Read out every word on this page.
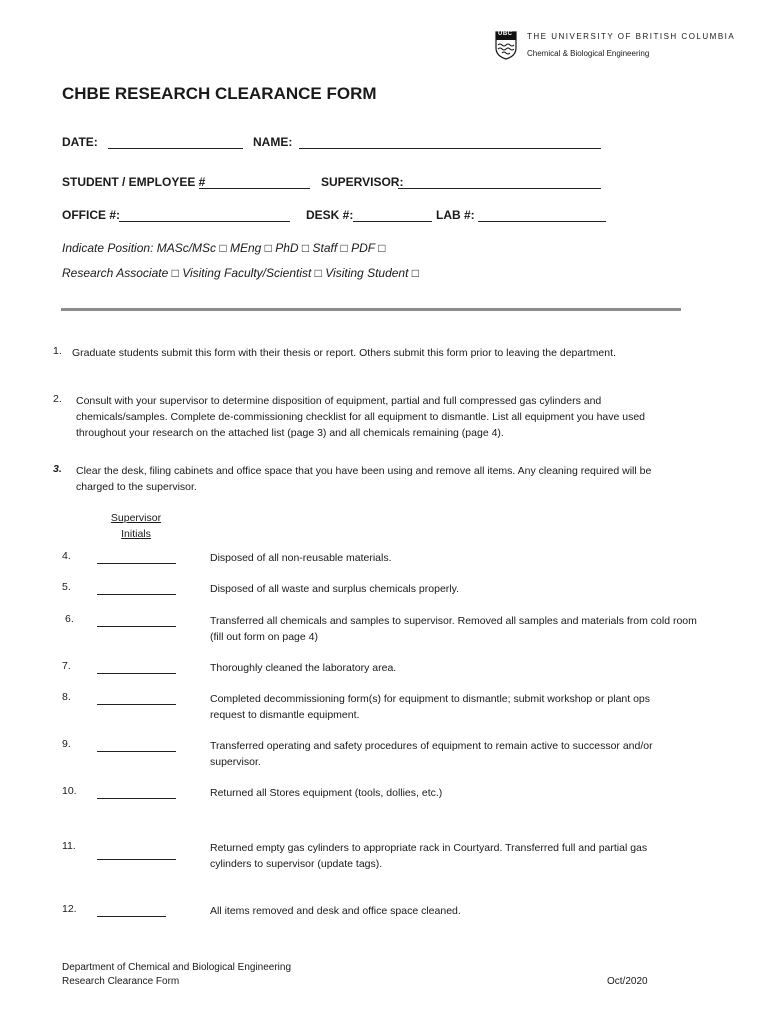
UBC THE UNIVERSITY OF BRITISH COLUMBIA
Chemical & Biological Engineering
CHBE RESEARCH CLEARANCE FORM
DATE:	NAME:
STUDENT / EMPLOYEE #	SUPERVISOR:
OFFICE #:	DESK #:	LAB #:
Indicate Position: MASc/MSc □ MEng □ PhD □ Staff □ PDF □
Research Associate □ Visiting Faculty/Scientist □ Visiting Student □
1. Graduate students submit this form with their thesis or report. Others submit this form prior to leaving the department.
2. Consult with your supervisor to determine disposition of equipment, partial and full compressed gas cylinders and chemicals/samples. Complete de-commissioning checklist for all equipment to dismantle. List all equipment you have used throughout your research on the attached list (page 3) and all chemicals remaining (page 4).
3. Clear the desk, filing cabinets and office space that you have been using and remove all items. Any cleaning required will be charged to the supervisor.
Supervisor
Initials
4.	Disposed of all non-reusable materials.
5.	Disposed of all waste and surplus chemicals properly.
6.	Transferred all chemicals and samples to supervisor. Removed all samples and materials from cold room (fill out form on page 4)
7.	Thoroughly cleaned the laboratory area.
8.	Completed decommissioning form(s) for equipment to dismantle; submit workshop or plant ops request to dismantle equipment.
9.	Transferred operating and safety procedures of equipment to remain active to successor and/or supervisor.
10.	Returned all Stores equipment (tools, dollies, etc.)
11.	Returned empty gas cylinders to appropriate rack in Courtyard. Transferred full and partial gas cylinders to supervisor (update tags).
12.	All items removed and desk and office space cleaned.
Department of Chemical and Biological Engineering
Research Clearance Form	Oct/2020
